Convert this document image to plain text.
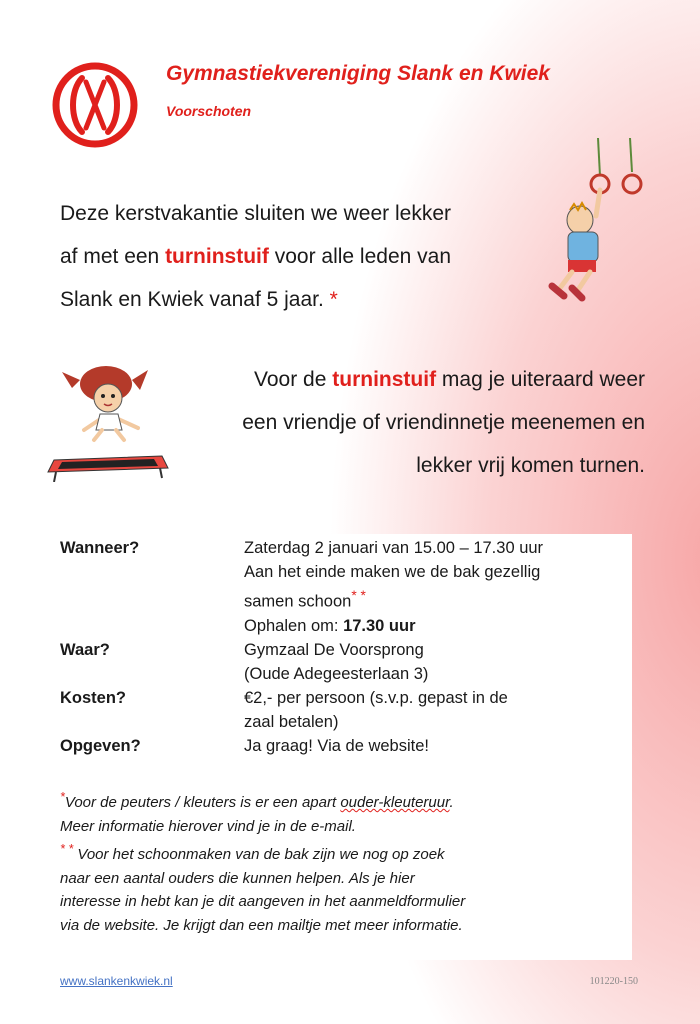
Gymnastiekvereniging Slank en Kwiek
Voorschoten

Deze kerstvakantie sluiten we weer lekker

af met een turninstuif voor alle leden van

Slank en Kwiek vanaf 5 jaar. *

Voor de turninstuif mag je uiteraard weer

een vriendje of vriendinnetje meenemen en

lekker vrij komen turnen.

Wanneer?	Zaterdag 2 januari van 15.00 – 17.30 uur
Aan het einde maken we de bak gezellig
samen schoon* *
Ophalen om: 17.30 uur
Waar?	Gymzaal De Voorsprong
(Oude Adegeesterlaan 3)
Kosten?	€2,- per persoon (s.v.p. gepast in de
zaal betalen)
Opgeven?	Ja graag! Via de website!
*Voor de peuters / kleuters is er een apart ouder-kleuteruur.
Meer informatie hierover vind je in de e-mail.
* * Voor het schoonmaken van de bak zijn we nog op zoek
naar een aantal ouders die kunnen helpen. Als je hier
interesse in hebt kan je dit aangeven in het aanmeldformulier
via de website. Je krijgt dan een mailtje met meer informatie.
www.slankenkwiek.nl	101220-150
